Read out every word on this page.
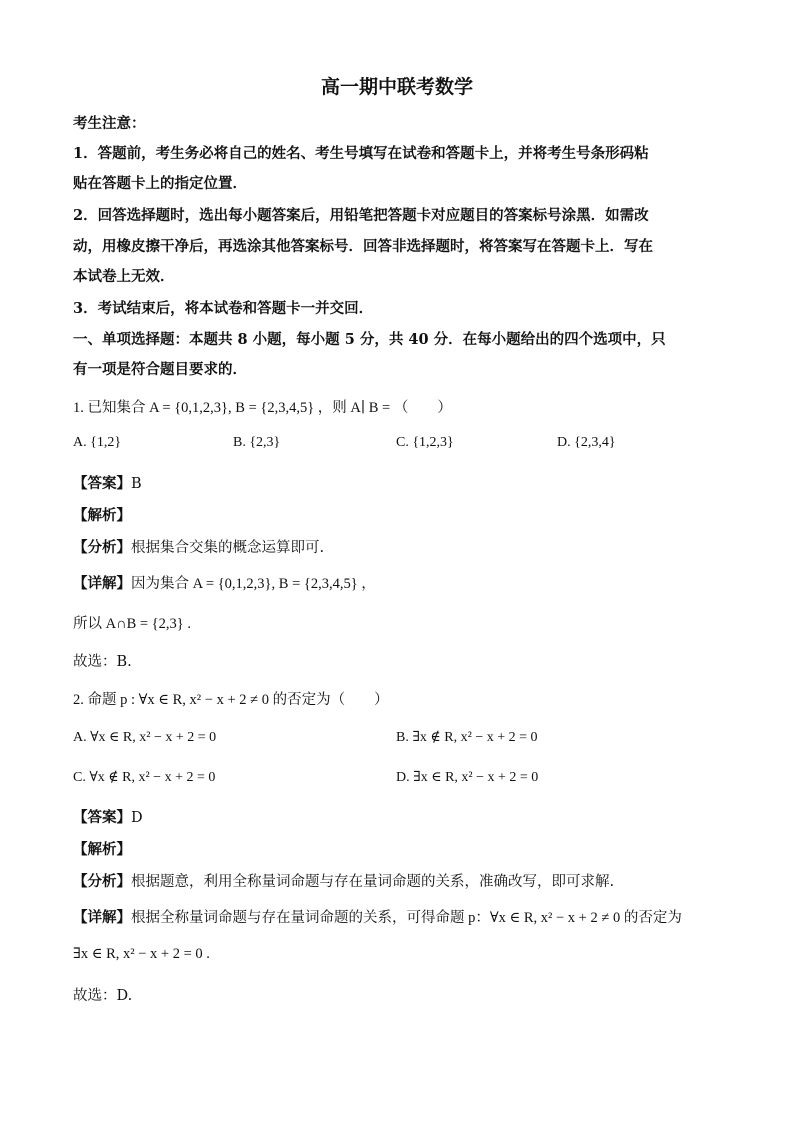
高一期中联考数学
考生注意：
1．答题前，考生务必将自己的姓名、考生号填写在试卷和答题卡上，并将考生号条形码粘
贴在答题卡上的指定位置．
2．回答选择题时，选出每小题答案后，用铅笔把答题卡对应题目的答案标号涂黑．如需改
动，用橡皮擦干净后，再选涂其他答案标号．回答非选择题时，将答案写在答题卡上．写在
本试卷上无效．
3．考试结束后，将本试卷和答题卡一并交回．
一、单项选择题：本题共 8 小题，每小题 5 分，共 40 分．在每小题给出的四个选项中，只
有一项是符合题目要求的．
1. 已知集合 A = {0,1,2,3}, B = {2,3,4,5} ，则 A∣ B = （　　）
A. {1,2}	B. {2,3}	C. {1,2,3}	D. {2,3,4}
【答案】B
【解析】
【分析】根据集合交集的概念运算即可.
【详解】因为集合 A = {0,1,2,3}, B = {2,3,4,5} ，
所以 A∩B = {2,3} .
故选：B.
2. 命题 p : ∀x ∈ R, x² − x + 2 ≠ 0 的否定为（　　）
A. ∀x ∈ R, x² − x + 2 = 0	B. ∃x ∉ R, x² − x + 2 = 0
C. ∀x ∉ R, x² − x + 2 = 0	D. ∃x ∈ R, x² − x + 2 = 0
【答案】D
【解析】
【分析】根据题意，利用全称量词命题与存在量词命题的关系，准确改写，即可求解.
【详解】根据全称量词命题与存在量词命题的关系，可得命题 p：∀x ∈ R, x² − x + 2 ≠ 0 的否定为
∃x ∈ R, x² − x + 2 = 0 .
故选：D.
